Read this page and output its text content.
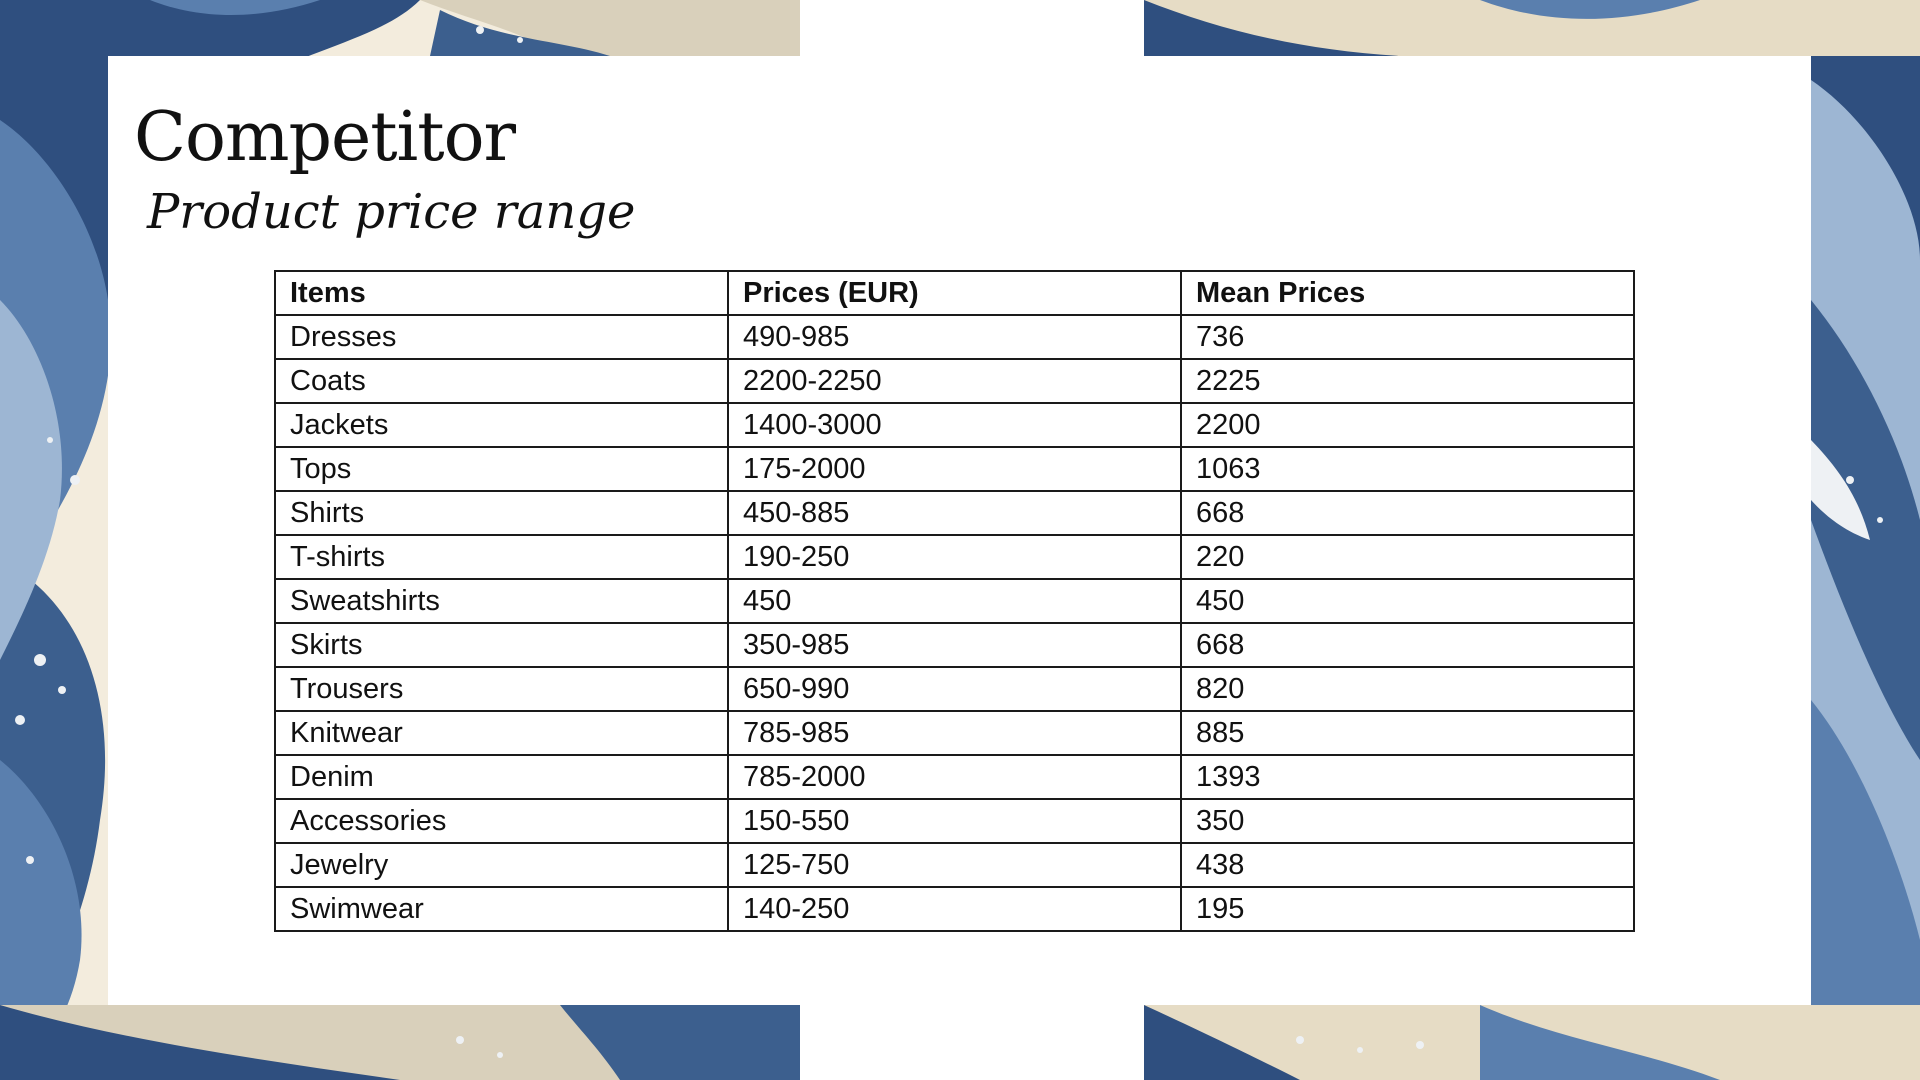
Competitor
Product price range
Items	Prices (EUR)	Mean Prices
Dresses	490-985	736
Coats	2200-2250	2225
Jackets	1400-3000	2200
Tops	175-2000	1063
Shirts	450-885	668
T-shirts	190-250	220
Sweatshirts	450	450
Skirts	350-985	668
Trousers	650-990	820
Knitwear	785-985	885
Denim	785-2000	1393
Accessories	150-550	350
Jewelry	125-750	438
Swimwear	140-250	195
